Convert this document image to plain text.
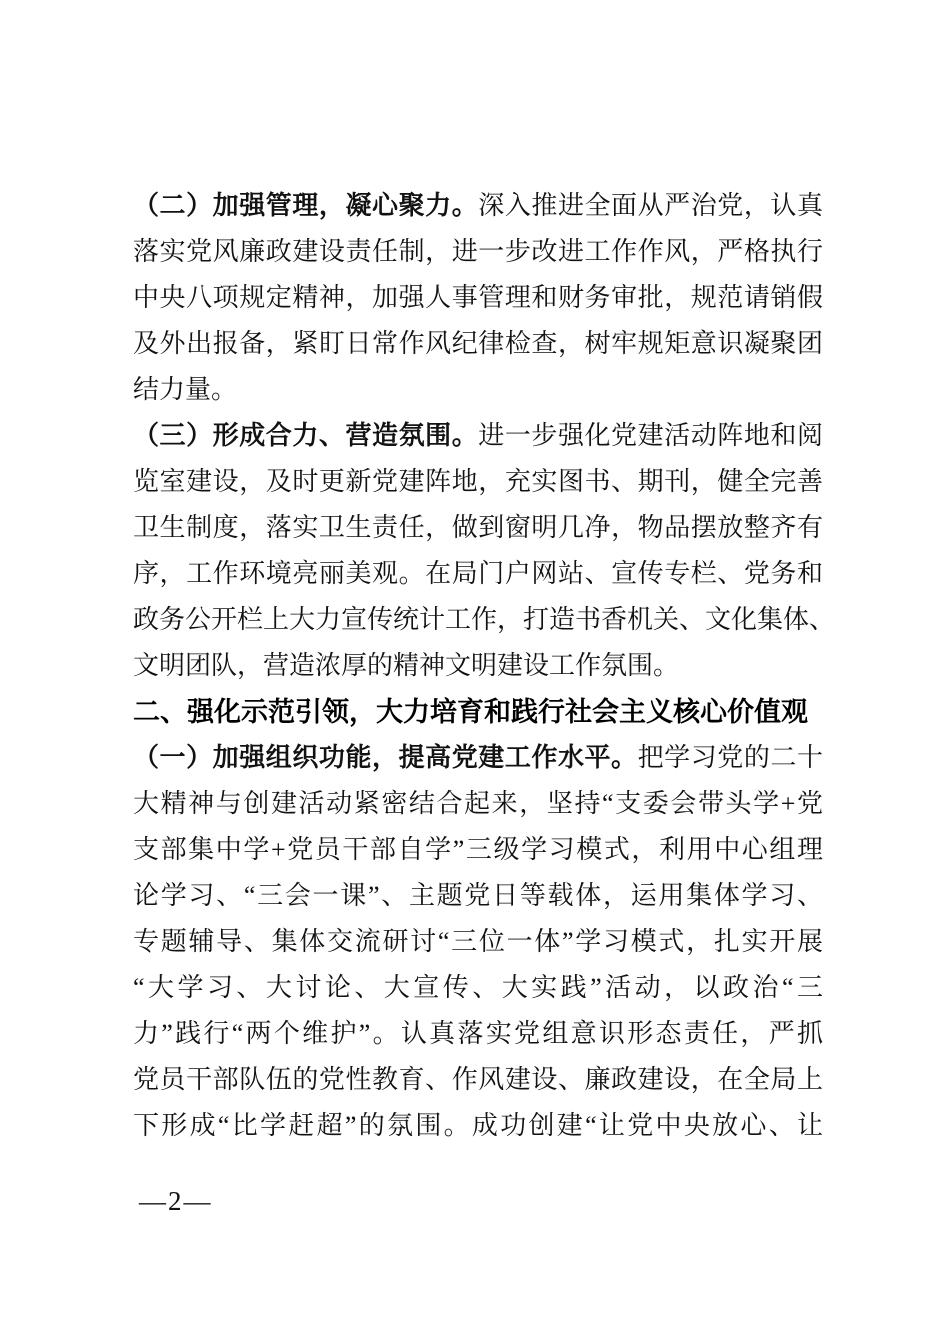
（二）加强管理，凝心聚力。深入推进全面从严治党，认真
落实党风廉政建设责任制，进一步改进工作作风，严格执行
中央八项规定精神，加强人事管理和财务审批，规范请销假
及外出报备，紧盯日常作风纪律检查，树牢规矩意识凝聚团
结力量。
（三）形成合力、营造氛围。进一步强化党建活动阵地和阅
览室建设，及时更新党建阵地，充实图书、期刊，健全完善
卫生制度，落实卫生责任，做到窗明几净，物品摆放整齐有
序，工作环境亮丽美观。在局门户网站、宣传专栏、党务和
政务公开栏上大力宣传统计工作，打造书香机关、文化集体、
文明团队，营造浓厚的精神文明建设工作氛围。
二、强化示范引领，大力培育和践行社会主义核心价值观
（一）加强组织功能，提高党建工作水平。把学习党的二十
大精神与创建活动紧密结合起来，坚持“支委会带头学+党
支部集中学+党员干部自学”三级学习模式，利用中心组理
论学习、“三会一课”、主题党日等载体，运用集体学习、
专题辅导、集体交流研讨“三位一体”学习模式，扎实开展
“大学习、大讨论、大宣传、大实践”活动，以政治“三
力”践行“两个维护”。认真落实党组意识形态责任，严抓
党员干部队伍的党性教育、作风建设、廉政建设，在全局上
下形成“比学赶超”的氛围。成功创建“让党中央放心、让
—2—
